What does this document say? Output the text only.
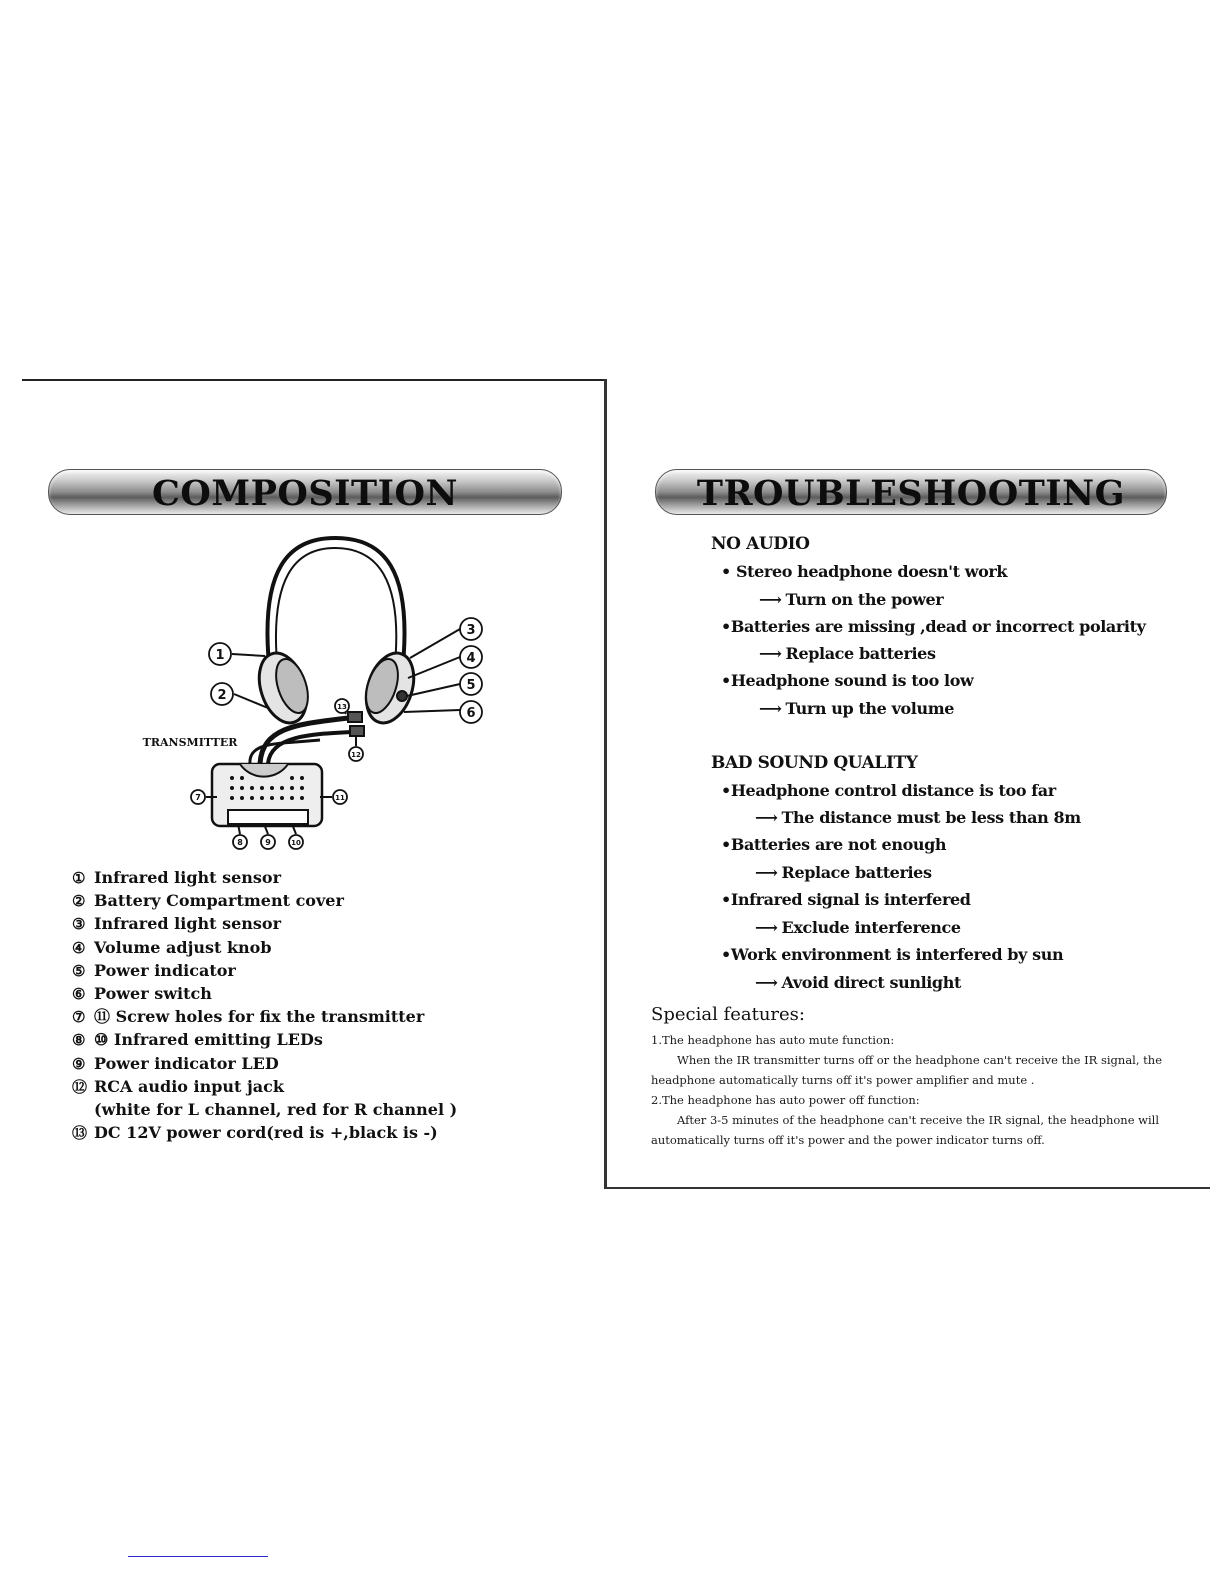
COMPOSITION
1
2
3
4
5
6
7
8	9	10
11
12
13
TRANSMITTER
① Infrared light sensor
② Battery Compartment cover
③ Infrared light sensor
④ Volume adjust knob
⑤ Power indicator
⑥ Power switch
⑦ ⑪ Screw holes for fix the transmitter
⑧ ⑩ Infrared emitting LEDs
⑨ Power indicator LED
⑫ RCA audio input jack
(white for L channel, red for R channel )
⑬ DC 12V power cord(red is +,black is -)
TROUBLESHOOTING
NO AUDIO
• Stereo headphone doesn't work
⟶ Turn on the power
•Batteries are missing ,dead or incorrect polarity
⟶ Replace batteries
•Headphone sound is too low
⟶ Turn up the volume
BAD SOUND QUALITY
•Headphone control distance is too far
⟶ The distance must be less than 8m
•Batteries are not enough
⟶ Replace batteries
•Infrared signal is interfered
⟶ Exclude interference
•Work environment is interfered by sun
⟶ Avoid direct sunlight
Special features:
1.The headphone has auto mute function:
When the IR transmitter turns off or the headphone can't receive the IR signal, the headphone automatically turns off it's power amplifier and mute .
2.The headphone has auto power off function:
After 3-5 minutes of the headphone can't receive the IR signal, the headphone will automatically turns off it's power and the power indicator turns off.
